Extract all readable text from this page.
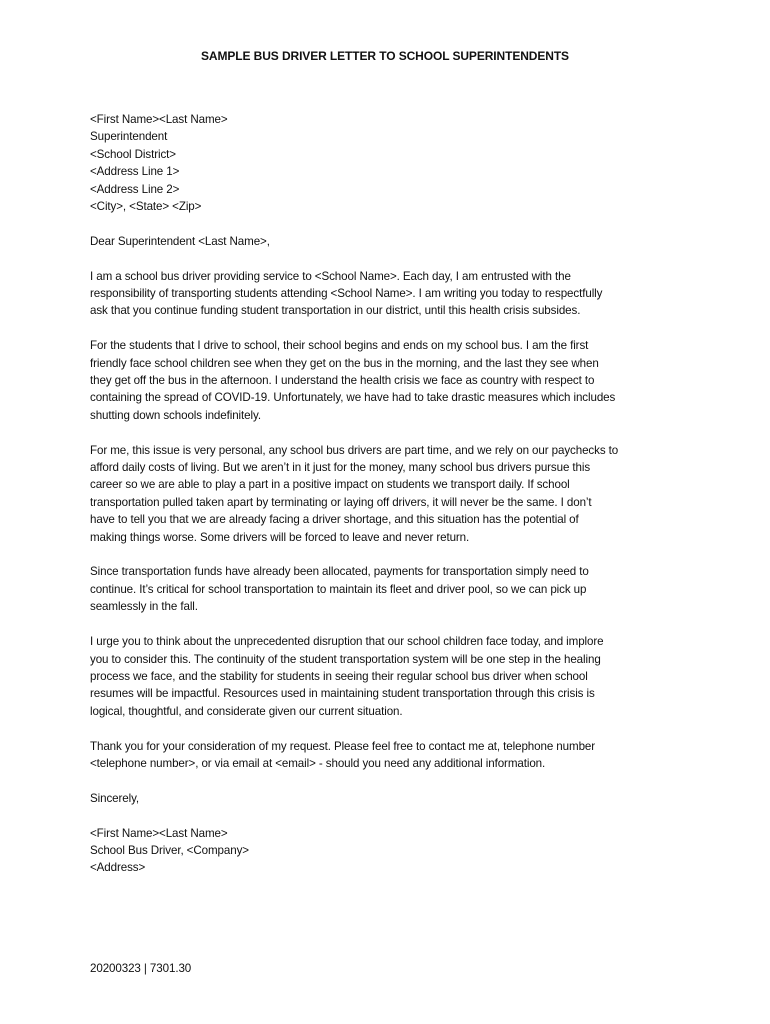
SAMPLE BUS DRIVER LETTER TO SCHOOL SUPERINTENDENTS
<First Name><Last Name>
Superintendent
<School District>
<Address Line 1>
<Address Line 2>
<City>, <State> <Zip>
Dear Superintendent <Last Name>,
I am a school bus driver providing service to <School Name>. Each day, I am entrusted with the
responsibility of transporting students attending <School Name>. I am writing you today to respectfully
ask that you continue funding student transportation in our district, until this health crisis subsides.
For the students that I drive to school, their school begins and ends on my school bus. I am the first
friendly face school children see when they get on the bus in the morning, and the last they see when
they get off the bus in the afternoon. I understand the health crisis we face as country with respect to
containing the spread of COVID-19. Unfortunately, we have had to take drastic measures which includes
shutting down schools indefinitely.
For me, this issue is very personal, any school bus drivers are part time, and we rely on our paychecks to
afford daily costs of living. But we aren’t in it just for the money, many school bus drivers pursue this
career so we are able to play a part in a positive impact on students we transport daily. If school
transportation pulled taken apart by terminating or laying off drivers, it will never be the same. I don’t
have to tell you that we are already facing a driver shortage, and this situation has the potential of
making things worse. Some drivers will be forced to leave and never return.
Since transportation funds have already been allocated, payments for transportation simply need to
continue. It’s critical for school transportation to maintain its fleet and driver pool, so we can pick up
seamlessly in the fall.
I urge you to think about the unprecedented disruption that our school children face today, and implore
you to consider this. The continuity of the student transportation system will be one step in the healing
process we face, and the stability for students in seeing their regular school bus driver when school
resumes will be impactful. Resources used in maintaining student transportation through this crisis is
logical, thoughtful, and considerate given our current situation.
Thank you for your consideration of my request. Please feel free to contact me at, telephone number
<telephone number>, or via email at <email> - should you need any additional information.
Sincerely,
<First Name><Last Name>
School Bus Driver, <Company>
<Address>
20200323 | 7301.30
